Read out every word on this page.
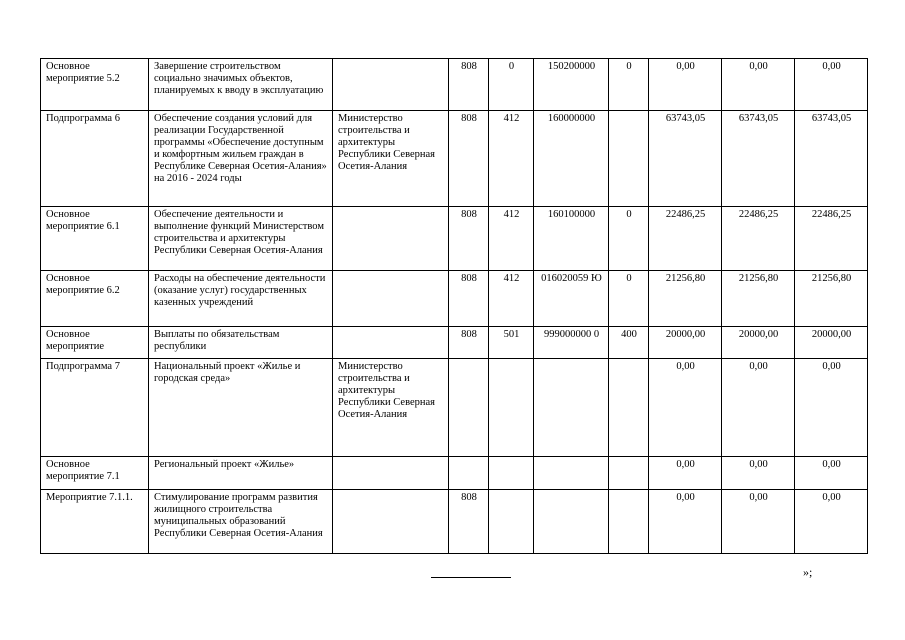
Основное мероприятие 5.2	Завершение строительством социально значимых объектов, планируемых к вводу в эксплуатацию		808	0	150200000	0	0,00	0,00	0,00
Подпрограмма 6	Обеспечение создания условий для реализации Государственной программы «Обеспечение доступным и комфортным жильем граждан в Республике Северная Осетия-Алания» на 2016 - 2024 годы	Министерство строительства и архитектуры Республики Северная Осетия-Алания	808	412	160000000		63743,05	63743,05	63743,05
Основное мероприятие 6.1	Обеспечение деятельности и выполнение функций Министерством строительства и архитектуры Республики Северная Осетия-Алания		808	412	160100000	0	22486,25	22486,25	22486,25
Основное мероприятие 6.2	Расходы на обеспечение деятельности (оказание услуг) государственных казенных учреждений		808	412	016020059 Ю	0	21256,80	21256,80	21256,80
Основное мероприятие	Выплаты по обязательствам республики		808	501	999000000 0	400	20000,00	20000,00	20000,00
Подпрограмма 7	Национальный проект «Жилье и городская среда»	Министерство строительства и архитектуры Республики Северная Осетия-Алания					0,00	0,00	0,00
Основное мероприятие 7.1	Региональный проект «Жилье»						0,00	0,00	0,00
Мероприятие 7.1.1.	Стимулирование программ развития жилищного строительства муниципальных образований Республики Северная Осетия-Алания		808				0,00	0,00	0,00
»;
